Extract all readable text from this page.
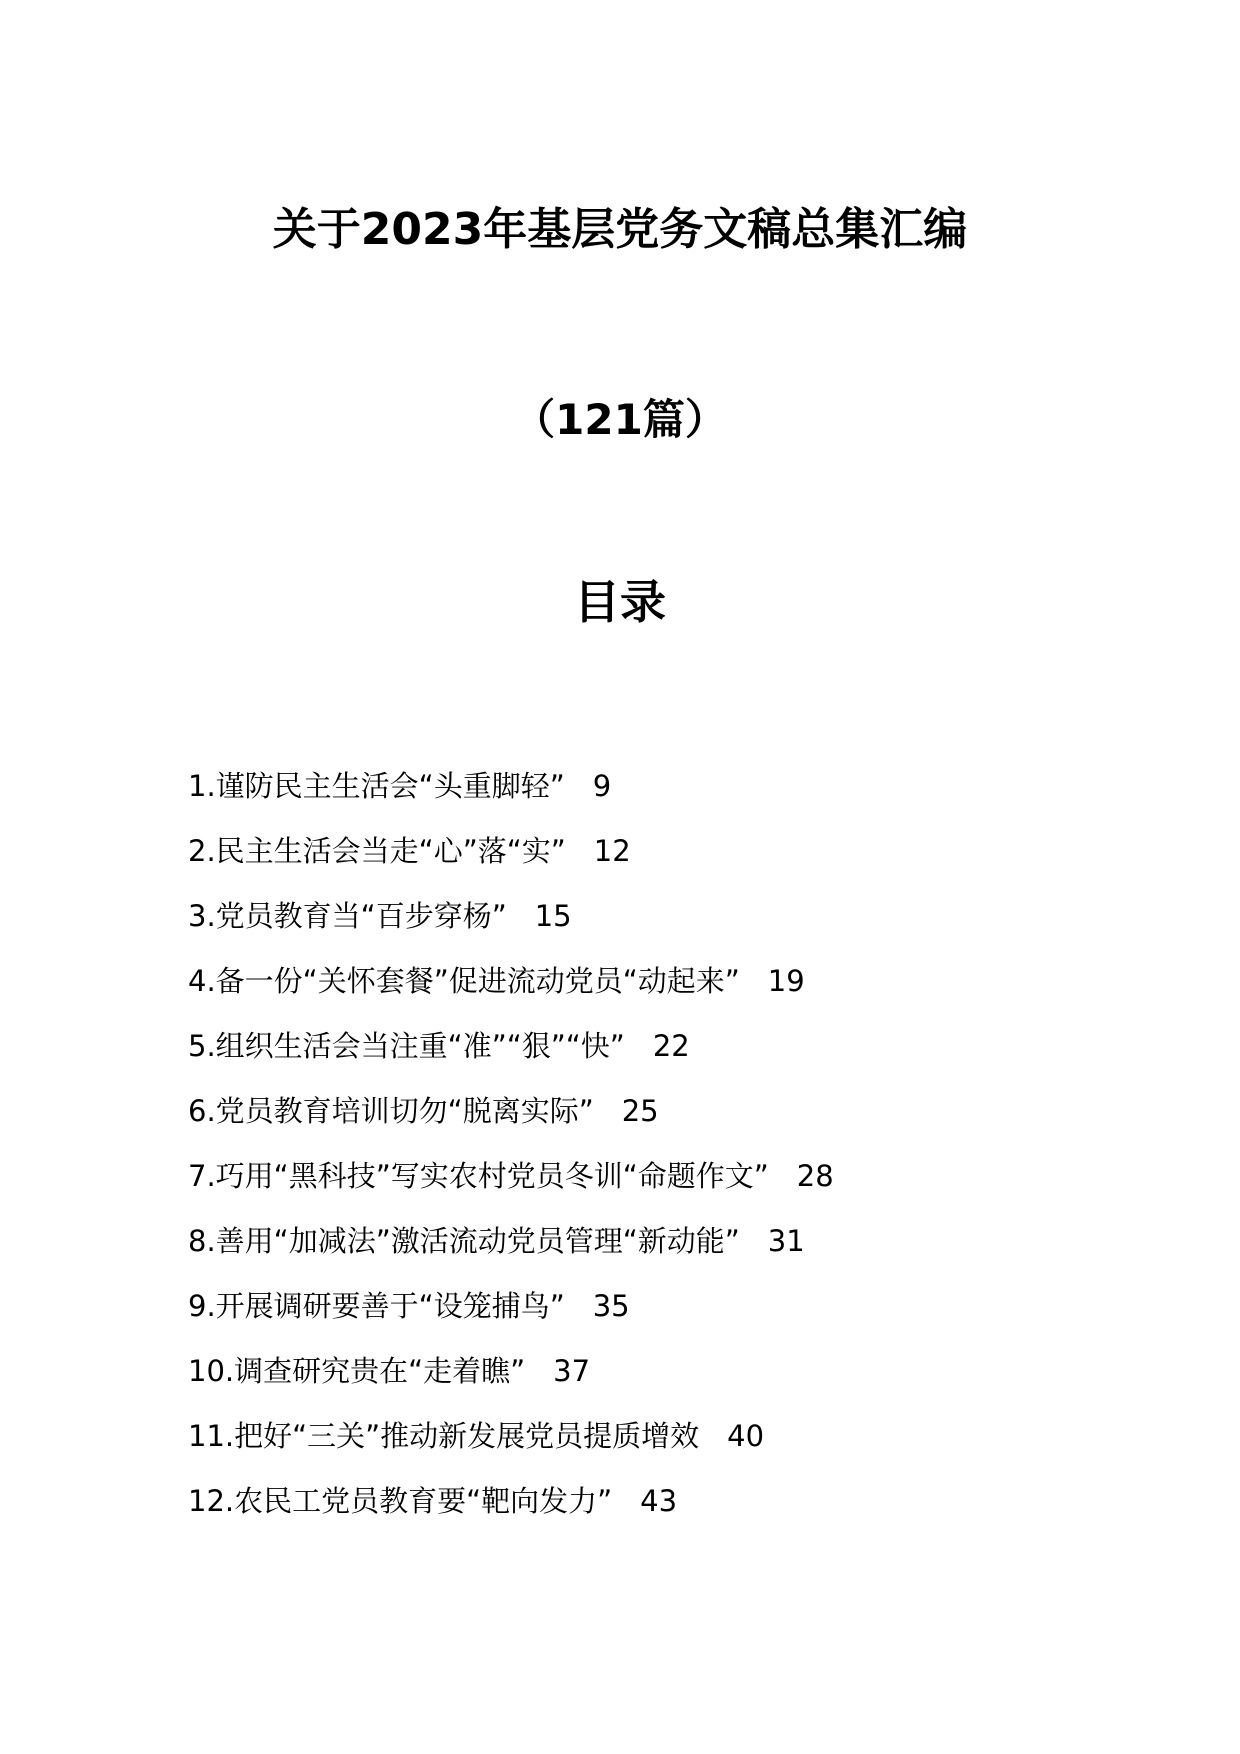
关于2023年基层党务文稿总集汇编
（121篇）
目录
1.谨防民主生活会“头重脚轻” 9
2.民主生活会当走“心”落“实” 12
3.党员教育当“百步穿杨” 15
4.备一份“关怀套餐”促进流动党员“动起来” 19
5.组织生活会当注重“准”“狠”“快” 22
6.党员教育培训切勿“脱离实际” 25
7.巧用“黑科技”写实农村党员冬训“命题作文” 28
8.善用“加减法”激活流动党员管理“新动能” 31
9.开展调研要善于“设笼捕鸟” 35
10.调查研究贵在“走着瞧” 37
11.把好“三关”推动新发展党员提质增效 40
12.农民工党员教育要“靶向发力” 43
